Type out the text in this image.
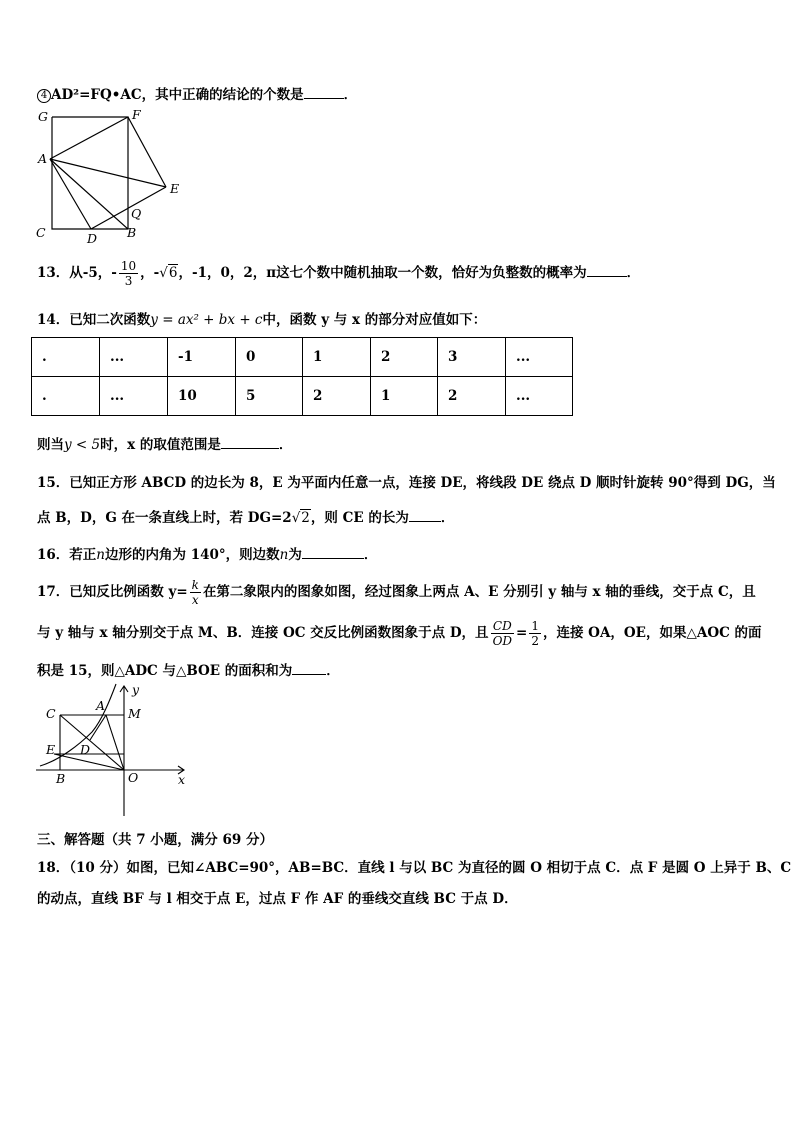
4 AD²=FQ•AC，其中正确的结论的个数是	．
G	F
A
E
Q
C	D B
13．从-5，- $\frac{10}{3}$ ，-√6，-1，0，2，π这七个数中随机抽取一个数，恰好为负整数的概率为	．
14．已知二次函数y = ax² + bx + c中，函数 y 与 x 的部分对应值如下：
.	...	-1	0	1	2	3	...
.	...	10	5	2	1	2	...
则当y < 5时，x 的取值范围是	．
15．已知正方形 ABCD 的边长为 8，E 为平面内任意一点，连接 DE，将线段 DE 绕点 D 顺时针旋转 90°得到 DG，当
点 B，D，G 在一条直线上时，若 DG=2√2，则 CE 的长为 ．
16．若正n边形的内角为 140°，则边数n为	．
17．已知反比例函数 $y= \frac{k}{x}$ 在第二象限内的图象如图，经过图象上两点 A、E 分别引 y 轴与 x 轴的垂线，交于点 C，且
与 y 轴与 x 轴分别交于点 M、B．连接 OC 交反比例函数图象于点 D，且 $\frac{CD}{OD} = \frac{1}{2}$ ，连接 OA，OE，如果△AOC 的面
积是 15，则△ADC 与△BOE 的面积和为	．
y
C
A
M
E D
B	O	x
三、解答题（共 7 小题，满分 69 分）
18．（10 分）如图，已知∠ABC=90°，AB=BC．直线 l 与以 BC 为直径的圆 O 相切于点 C．点 F 是圆 O 上异于 B、C
的动点，直线 BF 与 l 相交于点 E，过点 F 作 AF 的垂线交直线 BC 于点 D．
